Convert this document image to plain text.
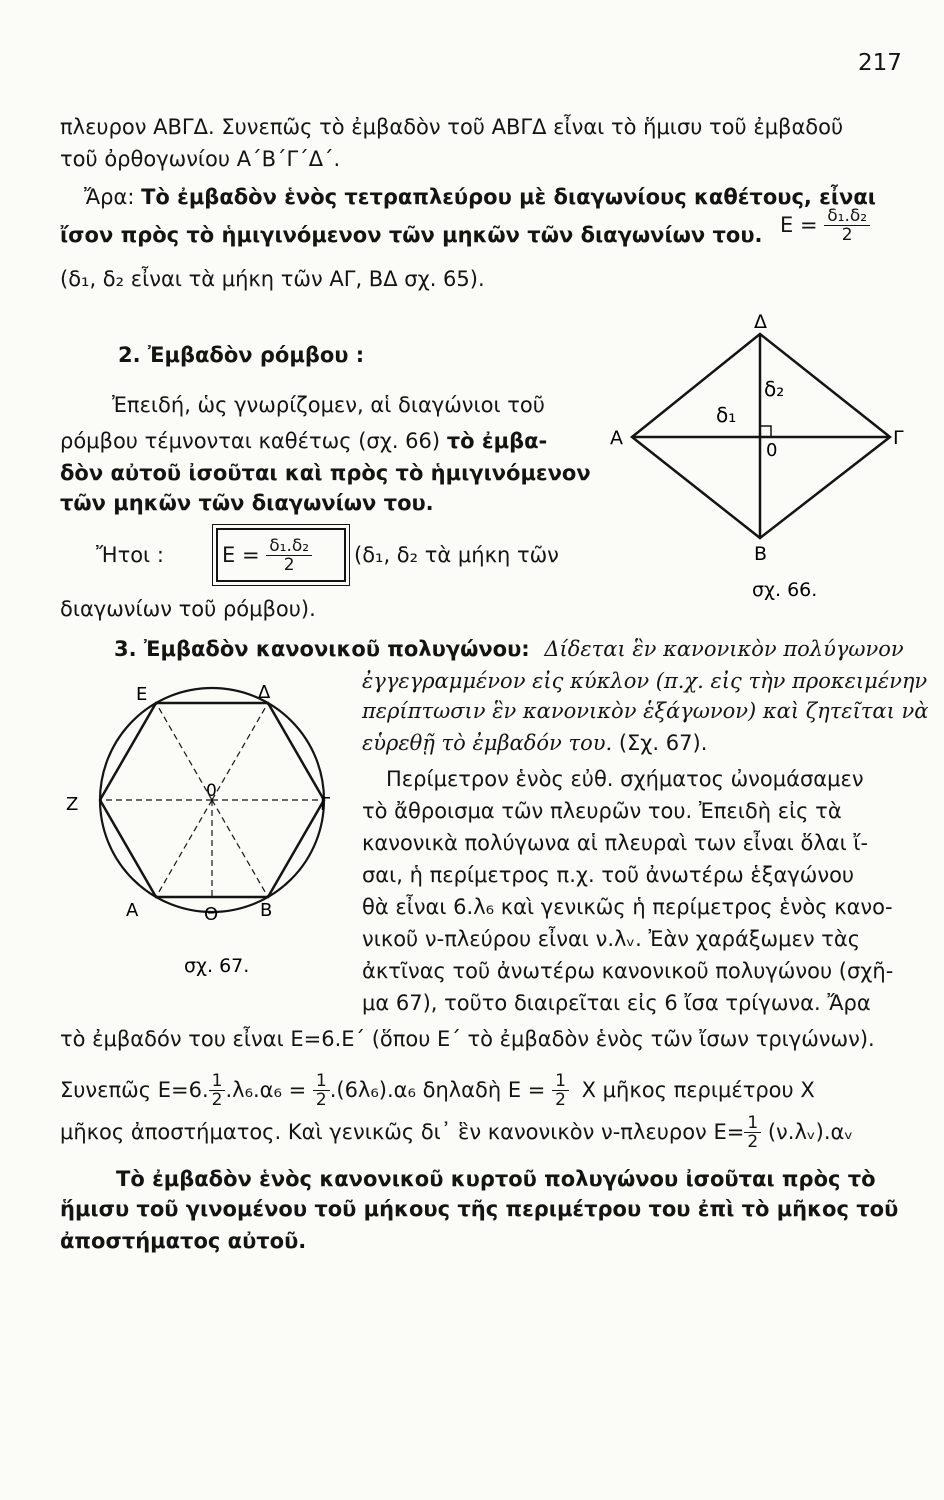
217
πλευρον ΑΒΓΔ. Συνεπῶς τὸ ἐμβαδὸν τοῦ ΑΒΓΔ εἶναι τὸ ἥμισυ τοῦ ἐμβαδοῦ
τοῦ ὀρθογωνίου Α΄Β΄Γ΄Δ΄.
Ἄρα: Τὸ ἐμβαδὸν ἑνὸς τετραπλεύρου μὲ διαγωνίους καθέτους, εἶναι
ἴσον πρὸς τὸ ἡμιγινόμενον τῶν μηκῶν τῶν διαγωνίων του. $E = \frac{\text{δ₁.δ₂}}{2}$
(δ₁, δ₂ εἶναι τὰ μήκη τῶν ΑΓ, ΒΔ σχ. 65).
2. Ἐμβαδὸν ρόμβου :
Ἐπειδή, ὡς γνωρίζομεν, αἱ διαγώνιοι τοῦ
ρόμβου τέμνονται καθέτως (σχ. 66) τὸ ἐμβα-
δὸν αὐτοῦ ἰσοῦται καὶ πρὸς τὸ ἡμιγινόμενον
τῶν μηκῶν τῶν διαγωνίων του.
Ἤτοι :	$E = \frac{\text{δ₁.δ₂}}{2} (\delta_1$, δ₂ τὰ μήκη τῶν
διαγωνίων τοῦ ρόμβου).
Δ
Α	Γ
Β
0
δ₁
δ₂
σχ. 66.
3. Ἐμβαδὸν κανονικοῦ πολυγώνου: Δίδεται ἓν κανονικὸν πολύγωνον
ἐγγεγραμμένον εἰς κύκλον (π.χ. εἰς τὴν προκειμένην
περίπτωσιν ἓν κανονικὸν ἑξάγωνον) καὶ ζητεῖται νὰ
εὑρεθῇ τὸ ἐμβαδόν του. (Σχ. 67).
Περίμετρον ἑνὸς εὐθ. σχήματος ὠνομάσαμεν
τὸ ἄθροισμα τῶν πλευρῶν του. Ἐπειδὴ εἰς τὰ
κανονικὰ πολύγωνα αἱ πλευραὶ των εἶναι ὅλαι ἴ-
σαι, ἡ περίμετρος π.χ. τοῦ ἀνωτέρω ἑξαγώνου
θὰ εἶναι 6.λ₆ καὶ γενικῶς ἡ περίμετρος ἑνὸς κανο-
νικοῦ ν-πλεύρου εἶναι ν.λᵥ. Ἐὰν χαράξωμεν τὰς
ἀκτῖνας τοῦ ἀνωτέρω κανονικοῦ πολυγώνου (σχῆ-
μα 67), τοῦτο διαιρεῖται εἰς 6 ἴσα τρίγωνα. Ἄρα
Ε	Δ
Ζ	Γ
0
Α	Θ Β
σχ. 67.
τὸ ἐμβαδόν του εἶναι Ε=6.Ε΄ (ὅπου Ε΄ τὸ ἐμβαδὸν ἑνὸς τῶν ἴσων τριγώνων).
Συνεπῶς Ε=6. $\frac{1}{2} .\lambda_6.\alpha_6 = \frac{1}{2} .(6\lambda_6).\alpha_6$ δηλαδὴ $E = \frac{1}{2}$ Χ μῆκος περιμέτρου Χ
μῆκος ἀποστήματος. Καὶ γενικῶς δι᾽ ἓν κανονικὸν ν-πλευρον $E= \frac{1}{2}$ (ν.λᵥ).αᵥ
Τὸ ἐμβαδὸν ἑνὸς κανονικοῦ κυρτοῦ πολυγώνου ἰσοῦται πρὸς τὸ
ἥμισυ τοῦ γινομένου τοῦ μήκους τῆς περιμέτρου του ἐπὶ τὸ μῆκος τοῦ
ἀποστήματος αὐτοῦ.
